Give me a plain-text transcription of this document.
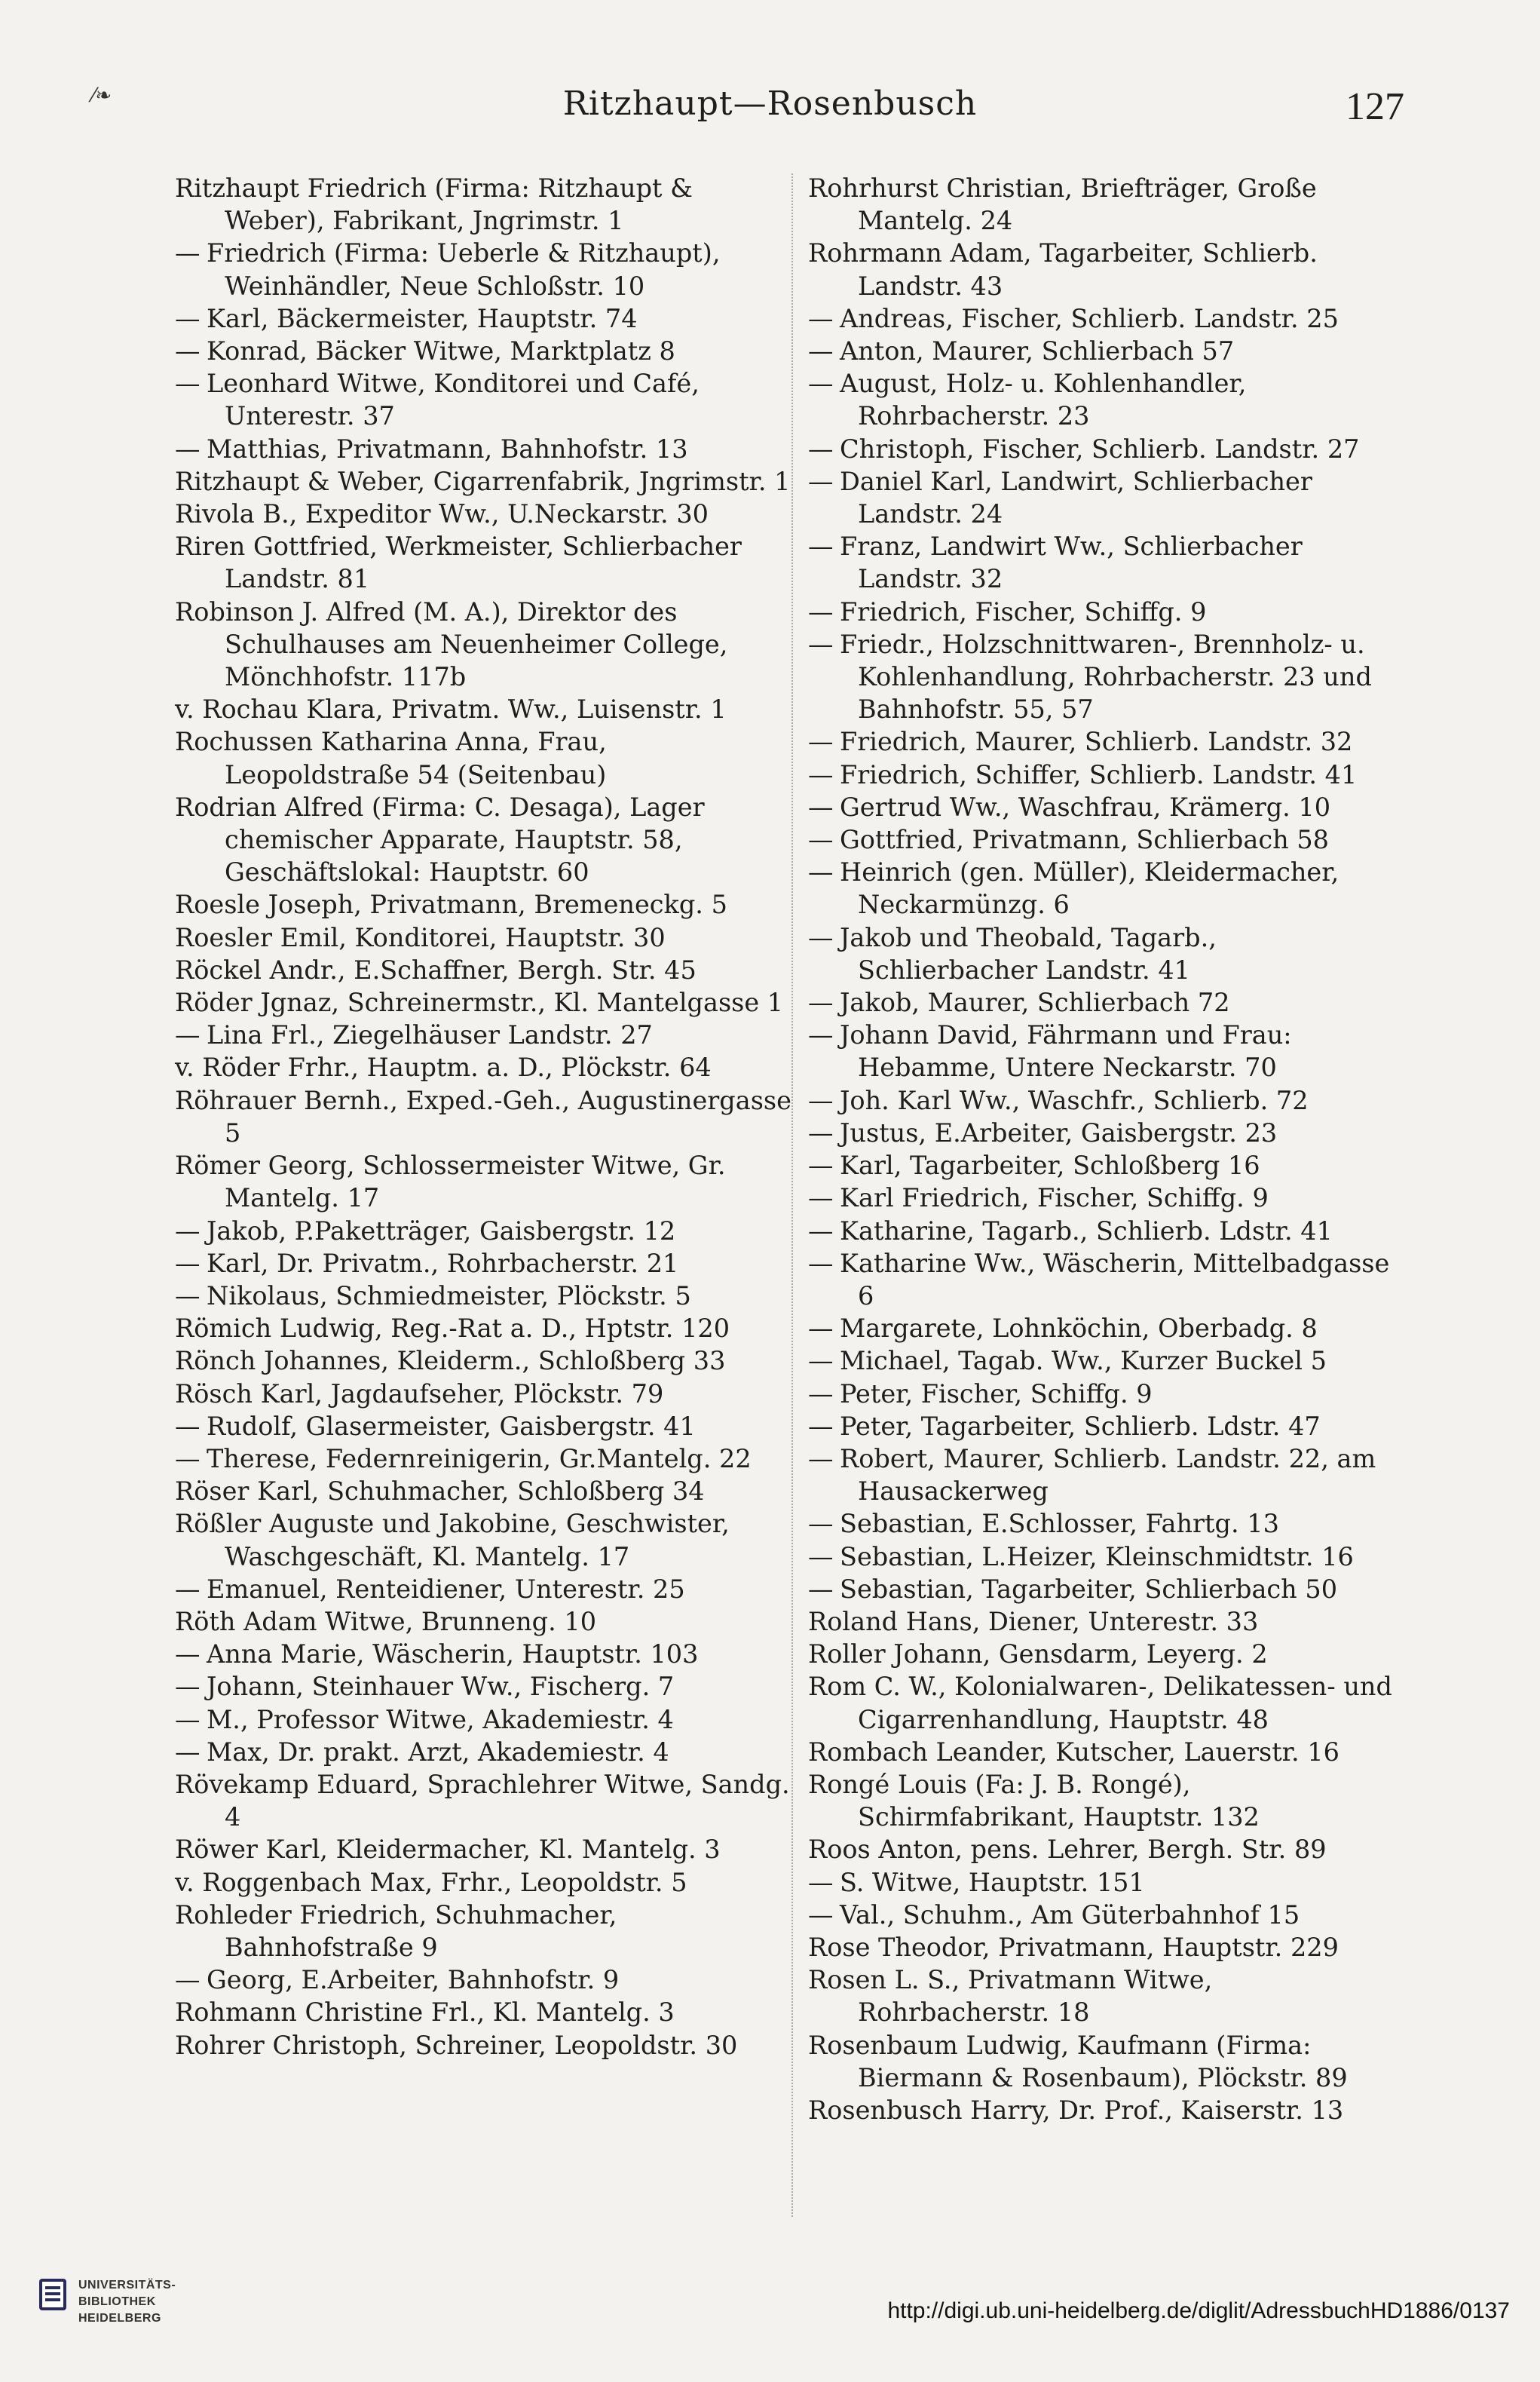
⁄❧	Ritzhaupt—Rosenbusch	127
Ritzhaupt Friedrich (Firma: Ritzhaupt & Weber), Fabrikant, Jngrimstr. 1
— Friedrich (Firma: Ueberle & Ritzhaupt), Weinhändler, Neue Schloßstr. 10
— Karl, Bäckermeister, Hauptstr. 74
— Konrad, Bäcker Witwe, Marktplatz 8
— Leonhard Witwe, Konditorei und Café, Unterestr. 37
— Matthias, Privatmann, Bahnhofstr. 13
Ritzhaupt & Weber, Cigarrenfabrik, Jngrimstr. 1
Rivola B., Expeditor Ww., U.Neckarstr. 30
Riren Gottfried, Werkmeister, Schlierbacher Landstr. 81
Robinson J. Alfred (M. A.), Direktor des Schulhauses am Neuenheimer College, Mönchhofstr. 117b
v. Rochau Klara, Privatm. Ww., Luisenstr. 1
Rochussen Katharina Anna, Frau, Leopoldstraße 54 (Seitenbau)
Rodrian Alfred (Firma: C. Desaga), Lager chemischer Apparate, Hauptstr. 58, Geschäftslokal: Hauptstr. 60
Roesle Joseph, Privatmann, Bremeneckg. 5
Roesler Emil, Konditorei, Hauptstr. 30
Röckel Andr., E.Schaffner, Bergh. Str. 45
Röder Jgnaz, Schreinermstr., Kl. Mantelgasse 1
— Lina Frl., Ziegelhäuser Landstr. 27
v. Röder Frhr., Hauptm. a. D., Plöckstr. 64
Röhrauer Bernh., Exped.-Geh., Augustinergasse 5
Römer Georg, Schlossermeister Witwe, Gr. Mantelg. 17
— Jakob, P.Paketträger, Gaisbergstr. 12
— Karl, Dr. Privatm., Rohrbacherstr. 21
— Nikolaus, Schmiedmeister, Plöckstr. 5
Römich Ludwig, Reg.-Rat a. D., Hptstr. 120
Rönch Johannes, Kleiderm., Schloßberg 33
Rösch Karl, Jagdaufseher, Plöckstr. 79
— Rudolf, Glasermeister, Gaisbergstr. 41
— Therese, Federnreinigerin, Gr.Mantelg. 22
Röser Karl, Schuhmacher, Schloßberg 34
Rößler Auguste und Jakobine, Geschwister, Waschgeschäft, Kl. Mantelg. 17
— Emanuel, Renteidiener, Unterestr. 25
Röth Adam Witwe, Brunneng. 10
— Anna Marie, Wäscherin, Hauptstr. 103
— Johann, Steinhauer Ww., Fischerg. 7
— M., Professor Witwe, Akademiestr. 4
— Max, Dr. prakt. Arzt, Akademiestr. 4
Rövekamp Eduard, Sprachlehrer Witwe, Sandg. 4
Röwer Karl, Kleidermacher, Kl. Mantelg. 3
v. Roggenbach Max, Frhr., Leopoldstr. 5
Rohleder Friedrich, Schuhmacher, Bahnhofstraße 9
— Georg, E.Arbeiter, Bahnhofstr. 9
Rohmann Christine Frl., Kl. Mantelg. 3
Rohrer Christoph, Schreiner, Leopoldstr. 30
Rohrhurst Christian, Briefträger, Große Mantelg. 24
Rohrmann Adam, Tagarbeiter, Schlierb. Landstr. 43
— Andreas, Fischer, Schlierb. Landstr. 25
— Anton, Maurer, Schlierbach 57
— August, Holz- u. Kohlenhandler, Rohrbacherstr. 23
— Christoph, Fischer, Schlierb. Landstr. 27
— Daniel Karl, Landwirt, Schlierbacher Landstr. 24
— Franz, Landwirt Ww., Schlierbacher Landstr. 32
— Friedrich, Fischer, Schiffg. 9
— Friedr., Holzschnittwaren-, Brennholz- u. Kohlenhandlung, Rohrbacherstr. 23 und Bahnhofstr. 55, 57
— Friedrich, Maurer, Schlierb. Landstr. 32
— Friedrich, Schiffer, Schlierb. Landstr. 41
— Gertrud Ww., Waschfrau, Krämerg. 10
— Gottfried, Privatmann, Schlierbach 58
— Heinrich (gen. Müller), Kleidermacher, Neckarmünzg. 6
— Jakob und Theobald, Tagarb., Schlierbacher Landstr. 41
— Jakob, Maurer, Schlierbach 72
— Johann David, Fährmann und Frau: Hebamme, Untere Neckarstr. 70
— Joh. Karl Ww., Waschfr., Schlierb. 72
— Justus, E.Arbeiter, Gaisbergstr. 23
— Karl, Tagarbeiter, Schloßberg 16
— Karl Friedrich, Fischer, Schiffg. 9
— Katharine, Tagarb., Schlierb. Ldstr. 41
— Katharine Ww., Wäscherin, Mittelbadgasse 6
— Margarete, Lohnköchin, Oberbadg. 8
— Michael, Tagab. Ww., Kurzer Buckel 5
— Peter, Fischer, Schiffg. 9
— Peter, Tagarbeiter, Schlierb. Ldstr. 47
— Robert, Maurer, Schlierb. Landstr. 22, am Hausackerweg
— Sebastian, E.Schlosser, Fahrtg. 13
— Sebastian, L.Heizer, Kleinschmidtstr. 16
— Sebastian, Tagarbeiter, Schlierbach 50
Roland Hans, Diener, Unterestr. 33
Roller Johann, Gensdarm, Leyerg. 2
Rom C. W., Kolonialwaren-, Delikatessen- und Cigarrenhandlung, Hauptstr. 48
Rombach Leander, Kutscher, Lauerstr. 16
Rongé Louis (Fa: J. B. Rongé), Schirmfabrikant, Hauptstr. 132
Roos Anton, pens. Lehrer, Bergh. Str. 89
— S. Witwe, Hauptstr. 151
— Val., Schuhm., Am Güterbahnhof 15
Rose Theodor, Privatmann, Hauptstr. 229
Rosen L. S., Privatmann Witwe, Rohrbacherstr. 18
Rosenbaum Ludwig, Kaufmann (Firma: Biermann & Rosenbaum), Plöckstr. 89
Rosenbusch Harry, Dr. Prof., Kaiserstr. 13
UNIVERSITÄTS-
BIBLIOTHEK
HEIDELBERG	http://digi.ub.uni-heidelberg.de/diglit/AdressbuchHD1886/0137
